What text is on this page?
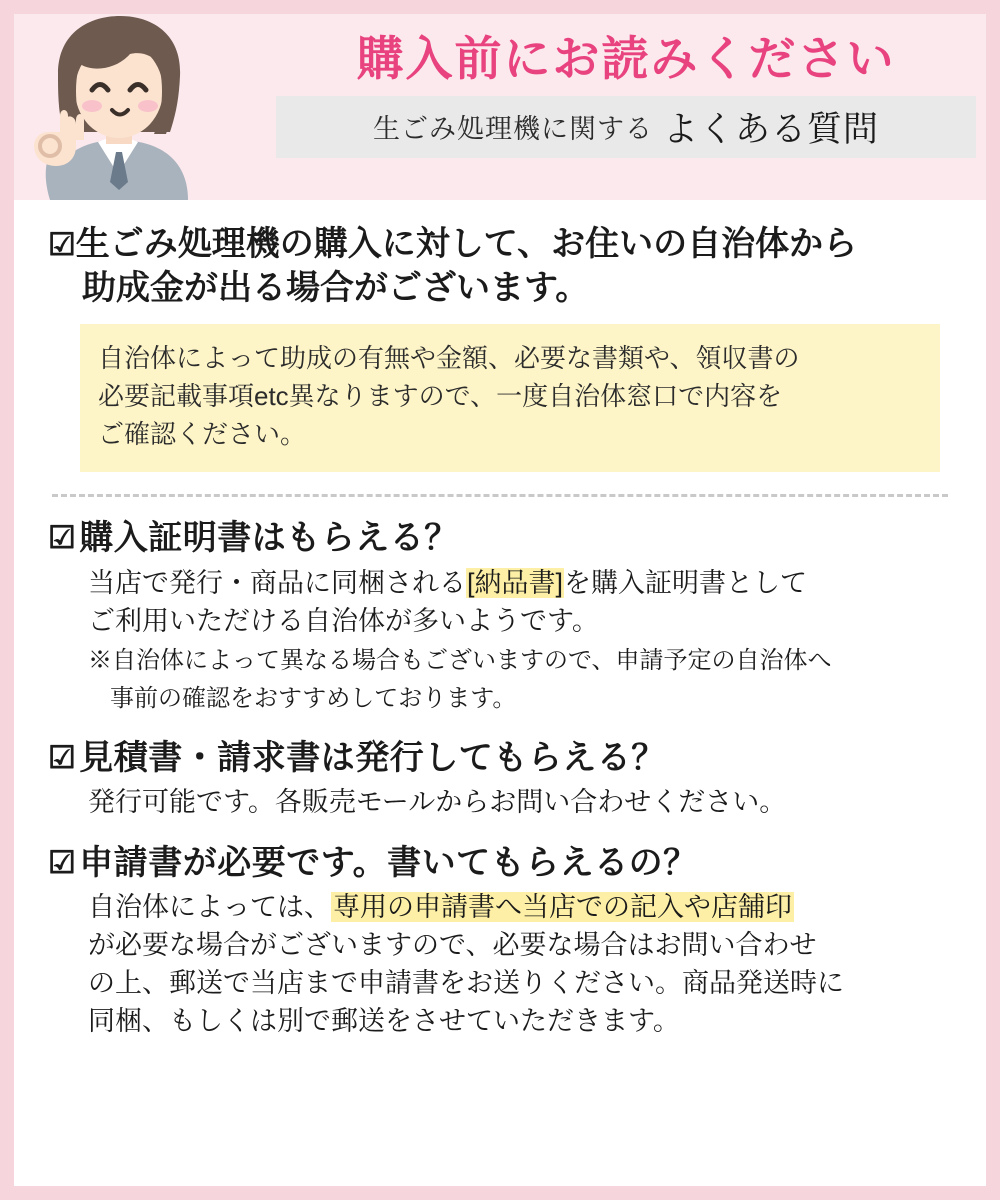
購入前にお読みください
生ごみ処理機に関する よくある質問
☑生ごみ処理機の購入に対して、お住いの自治体から
助成金が出る場合がございます。
自治体によって助成の有無や金額、必要な書類や、領収書の
必要記載事項etc異なりますので、一度自治体窓口で内容を
ご確認ください。
☑ 購入証明書はもらえる？
当店で発行・商品に同梱される[納品書]を購入証明書として
ご利用いただける自治体が多いようです。
※自治体によって異なる場合もございますので、申請予定の自治体へ
事前の確認をおすすめしております。
☑ 見積書・請求書は発行してもらえる？
発行可能です。各販売モールからお問い合わせください。
☑ 申請書が必要です。書いてもらえるの？
自治体によっては、専用の申請書へ当店での記入や店舗印
が必要な場合がございますので、必要な場合はお問い合わせ
の上、郵送で当店まで申請書をお送りください。商品発送時に
同梱、もしくは別で郵送をさせていただきます。
